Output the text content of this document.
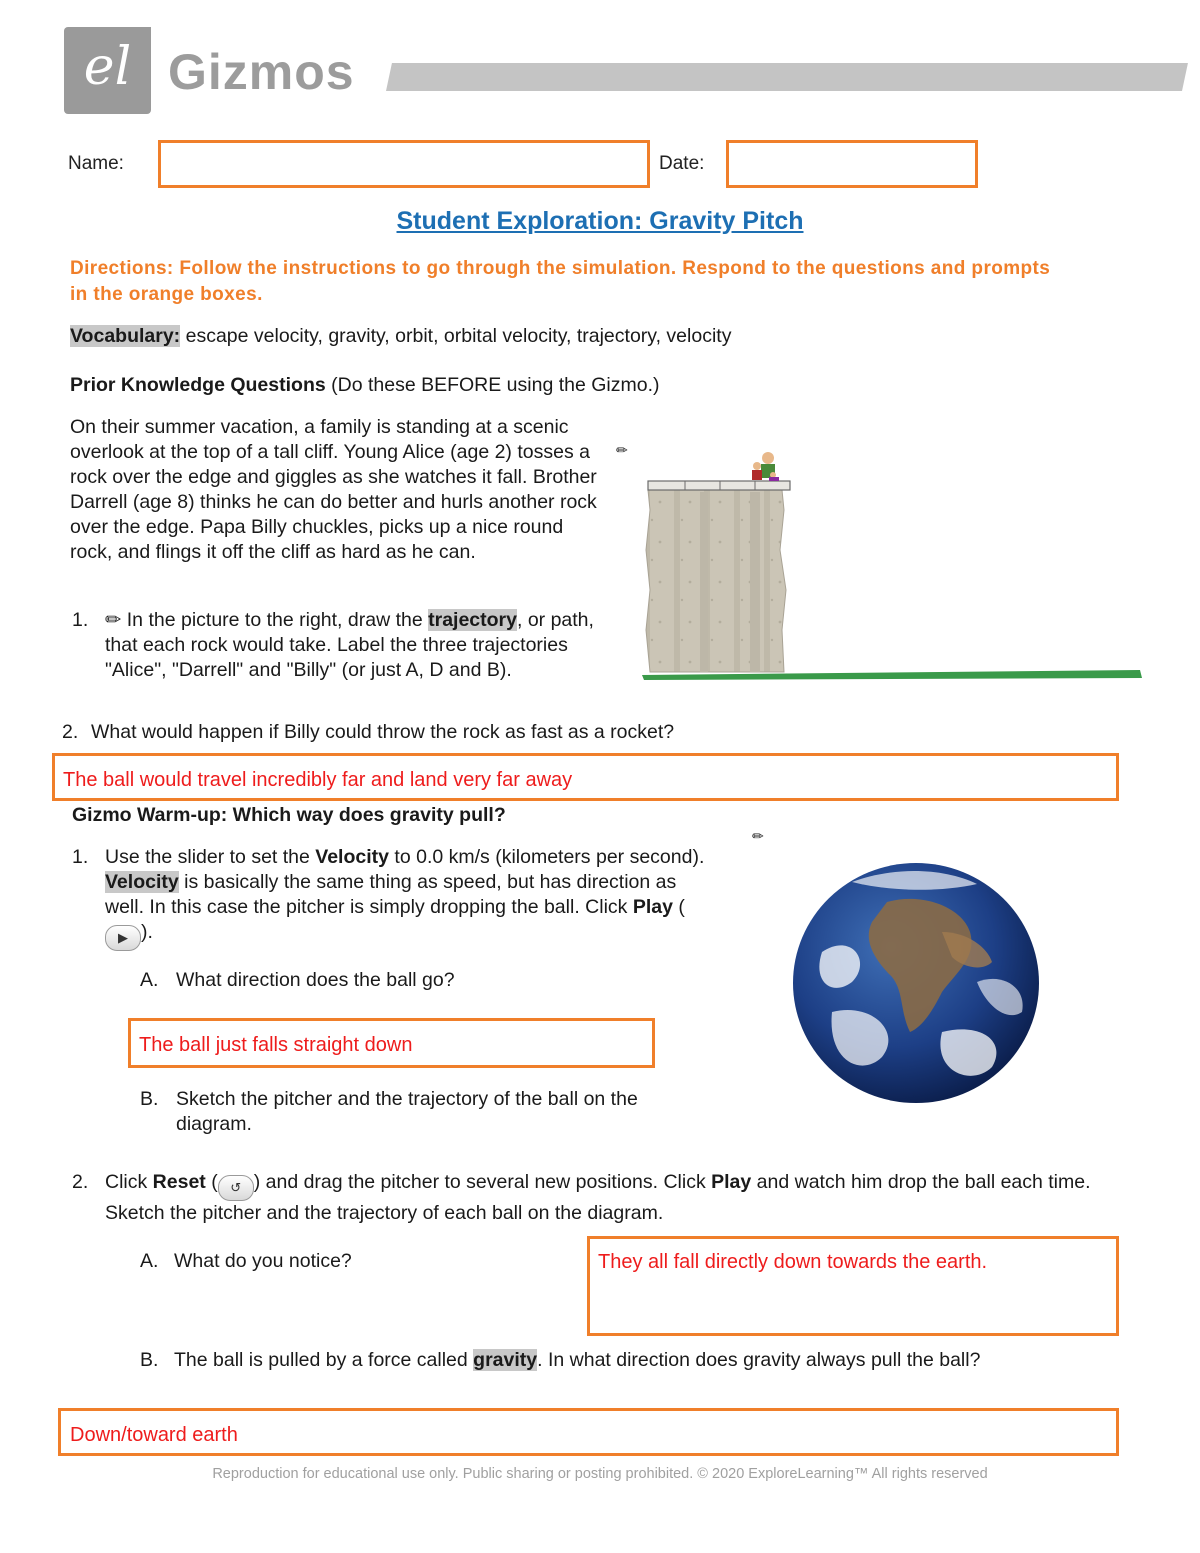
el Gizmos
Name:	Date:
Student Exploration: Gravity Pitch
Directions: Follow the instructions to go through the simulation. Respond to the questions and prompts in the orange boxes.
Vocabulary: escape velocity, gravity, orbit, orbital velocity, trajectory, velocity
Prior Knowledge Questions (Do these BEFORE using the Gizmo.)
On their summer vacation, a family is standing at a scenic overlook at the top of a tall cliff. Young Alice (age 2) tosses a rock over the edge and giggles as she watches it fall. Brother Darrell (age 8) thinks he can do better and hurls another rock over the edge. Papa Billy chuckles, picks up a nice round rock, and flings it off the cliff as hard as he can.
1. ✏ In the picture to the right, draw the trajectory, or path, that each rock would take. Label the three trajectories "Alice", "Darrell" and "Billy" (or just A, D and B).
✏
2. What would happen if Billy could throw the rock as fast as a rocket?
The ball would travel incredibly far and land very far away
Gizmo Warm-up: Which way does gravity pull?
✏
1. Use the slider to set the Velocity to 0.0 km/s (kilometers per second). Velocity is basically the same thing as speed, but has direction as well. In this case the pitcher is simply dropping the ball. Click Play (▶ ).
A. What direction does the ball go?
The ball just falls straight down
B. Sketch the pitcher and the trajectory of the ball on the diagram.
2. Click Reset ( ↺ ) and drag the pitcher to several new positions. Click Play and watch him drop the ball each time. Sketch the pitcher and the trajectory of each ball on the diagram.
A. What do you notice?	They all fall directly down towards the earth.
B. The ball is pulled by a force called gravity. In what direction does gravity always pull the ball?
Down/toward earth
Reproduction for educational use only. Public sharing or posting prohibited. © 2020 ExploreLearning™ All rights reserved
